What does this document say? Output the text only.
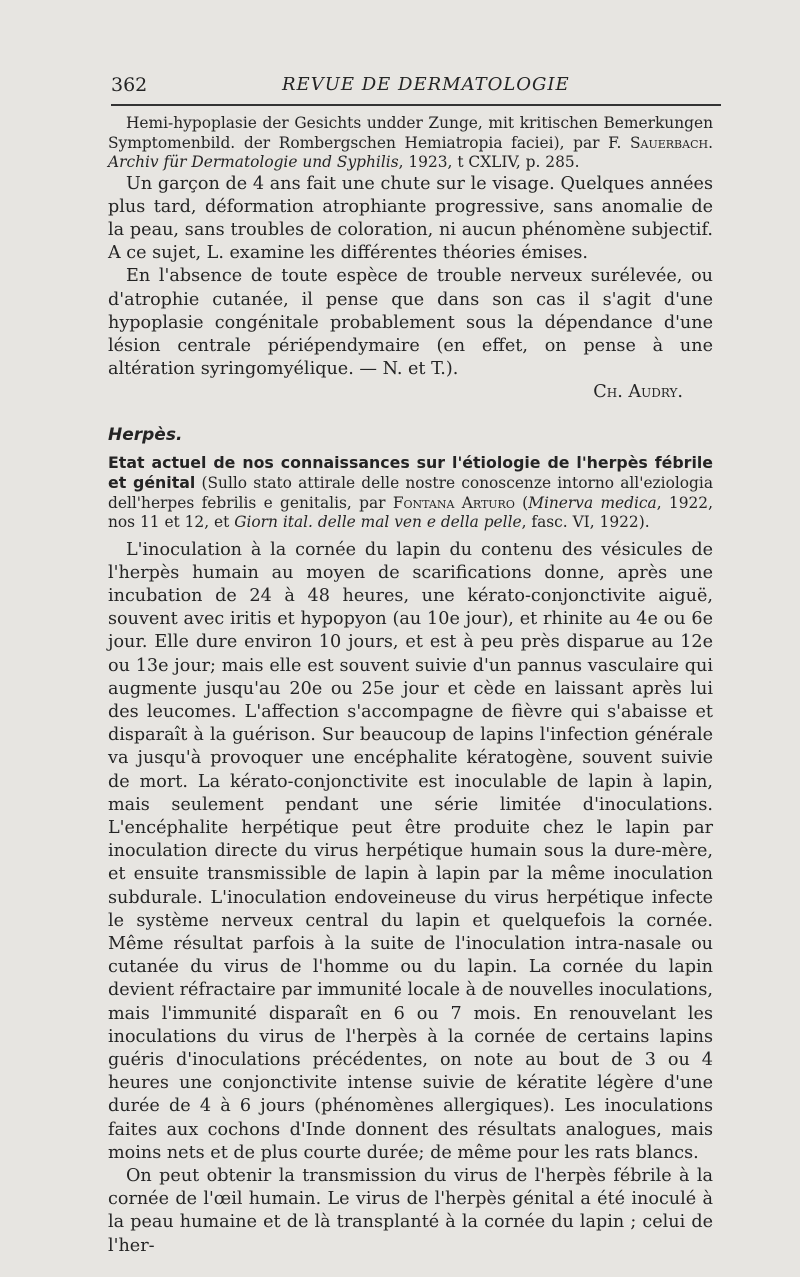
362	REVUE DE DERMATOLOGIE

Hemi-hypoplasie der Gesichts undder Zunge, mit kritischen Bemerkungen Symptomenbild. der Rombergschen Hemiatropia faciei), par F. Sauerbach. Archiv für Dermatologie und Syphilis, 1923, t CXLIV, p. 285.

Un garçon de 4 ans fait une chute sur le visage. Quelques années plus tard, déformation atrophiante progressive, sans anomalie de la peau, sans troubles de coloration, ni aucun phénomène subjectif. A ce sujet, L. examine les différentes théories émises.

En l'absence de toute espèce de trouble nerveux surélevée, ou d'atrophie cutanée, il pense que dans son cas il s'agit d'une hypoplasie congénitale probablement sous la dépendance d'une lésion centrale périépendymaire (en effet, on pense à une altération syringomyélique. — N. et T.).

Ch. Audry.
Herpès.

Etat actuel de nos connaissances sur l'étiologie de l'herpès fébrile et génital (Sullo stato attirale delle nostre conoscenze intorno all'eziologia dell'herpes febrilis e genitalis, par Fontana Arturo (Minerva medica, 1922, nos 11 et 12, et Giorn ital. delle mal ven e della pelle, fasc. VI, 1922).

L'inoculation à la cornée du lapin du contenu des vésicules de l'herpès humain au moyen de scarifications donne, après une incubation de 24 à 48 heures, une kérato-conjonctivite aiguë, souvent avec iritis et hypopyon (au 10e jour), et rhinite au 4e ou 6e jour. Elle dure environ 10 jours, et est à peu près disparue au 12e ou 13e jour; mais elle est souvent suivie d'un pannus vasculaire qui augmente jusqu'au 20e ou 25e jour et cède en laissant après lui des leucomes. L'affection s'accompagne de fièvre qui s'abaisse et disparaît à la guérison. Sur beaucoup de lapins l'infection générale va jusqu'à provoquer une encéphalite kératogène, souvent suivie de mort. La kérato-conjonctivite est inoculable de lapin à lapin, mais seulement pendant une série limitée d'inoculations. L'encéphalite herpétique peut être produite chez le lapin par inoculation directe du virus herpétique humain sous la dure-mère, et ensuite transmissible de lapin à lapin par la même inoculation subdurale. L'inoculation endoveineuse du virus herpétique infecte le système nerveux central du lapin et quelquefois la cornée. Même résultat parfois à la suite de l'inoculation intra-nasale ou cutanée du virus de l'homme ou du lapin. La cornée du lapin devient réfractaire par immunité locale à de nouvelles inoculations, mais l'immunité disparaît en 6 ou 7 mois. En renouvelant les inoculations du virus de l'herpès à la cornée de certains lapins guéris d'inoculations précédentes, on note au bout de 3 ou 4 heures une conjonctivite intense suivie de kératite légère d'une durée de 4 à 6 jours (phénomènes allergiques). Les inoculations faites aux cochons d'Inde donnent des résultats analogues, mais moins nets et de plus courte durée; de même pour les rats blancs.

On peut obtenir la transmission du virus de l'herpès fébrile à la cornée de l'œil humain. Le virus de l'herpès génital a été inoculé à la peau humaine et de là transplanté à la cornée du lapin ; celui de l'her-
